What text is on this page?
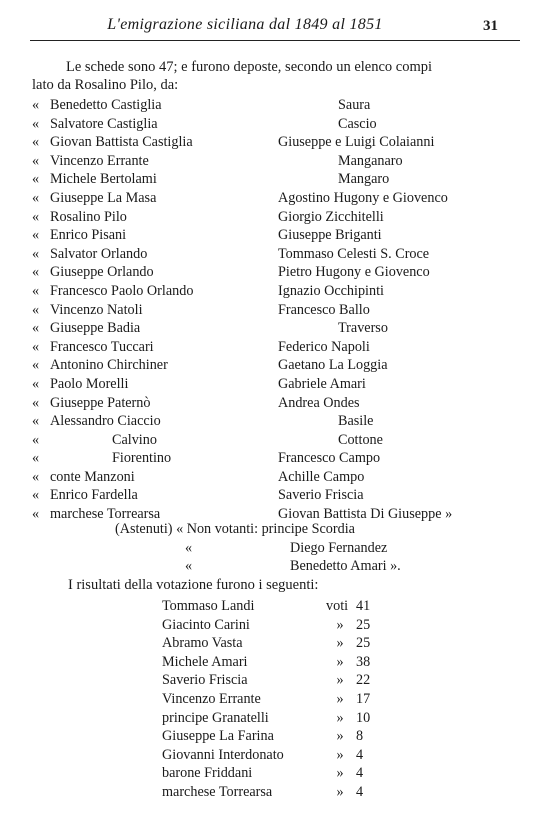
L'emigrazione siciliana dal 1849 al 1851	31
Le schede sono 47; e furono deposte, secondo un elenco compi
lato da Rosalino Pilo, da:
« Benedetto Castiglia	Saura
« Salvatore Castiglia	Cascio
« Giovan Battista Castiglia	Giuseppe e Luigi Colaianni
« Vincenzo Errante	Manganaro
« Michele Bertolami	Mangaro
« Giuseppe La Masa	Agostino Hugony e Giovenco
« Rosalino Pilo	Giorgio Zicchitelli
« Enrico Pisani	Giuseppe Briganti
« Salvator Orlando	Tommaso Celesti S. Croce
« Giuseppe Orlando	Pietro Hugony e Giovenco
« Francesco Paolo Orlando	Ignazio Occhipinti
« Vincenzo Natoli	Francesco Ballo
« Giuseppe Badia	Traverso
« Francesco Tuccari	Federico Napoli
« Antonino Chirchiner	Gaetano La Loggia
« Paolo Morelli	Gabriele Amari
« Giuseppe Paternò	Andrea Ondes
« Alessandro Ciaccio	Basile
«	Calvino	Cottone
«	Fiorentino	Francesco Campo
« conte Manzoni	Achille Campo
« Enrico Fardella	Saverio Friscia
« marchese Torrearsa	Giovan Battista Di Giuseppe »
(Astenuti) « Non votanti: principe Scordia
«	Diego Fernandez
«	Benedetto Amari ».
I risultati della votazione furono i seguenti:
Tommaso Landi	voti 41
Giacinto Carini	» 25
Abramo Vasta	» 25
Michele Amari	» 38
Saverio Friscia	» 22
Vincenzo Errante	» 17
principe Granatelli	» 10
Giuseppe La Farina	» 8
Giovanni Interdonato	» 4
barone Friddani	» 4
marchese Torrearsa	» 4
